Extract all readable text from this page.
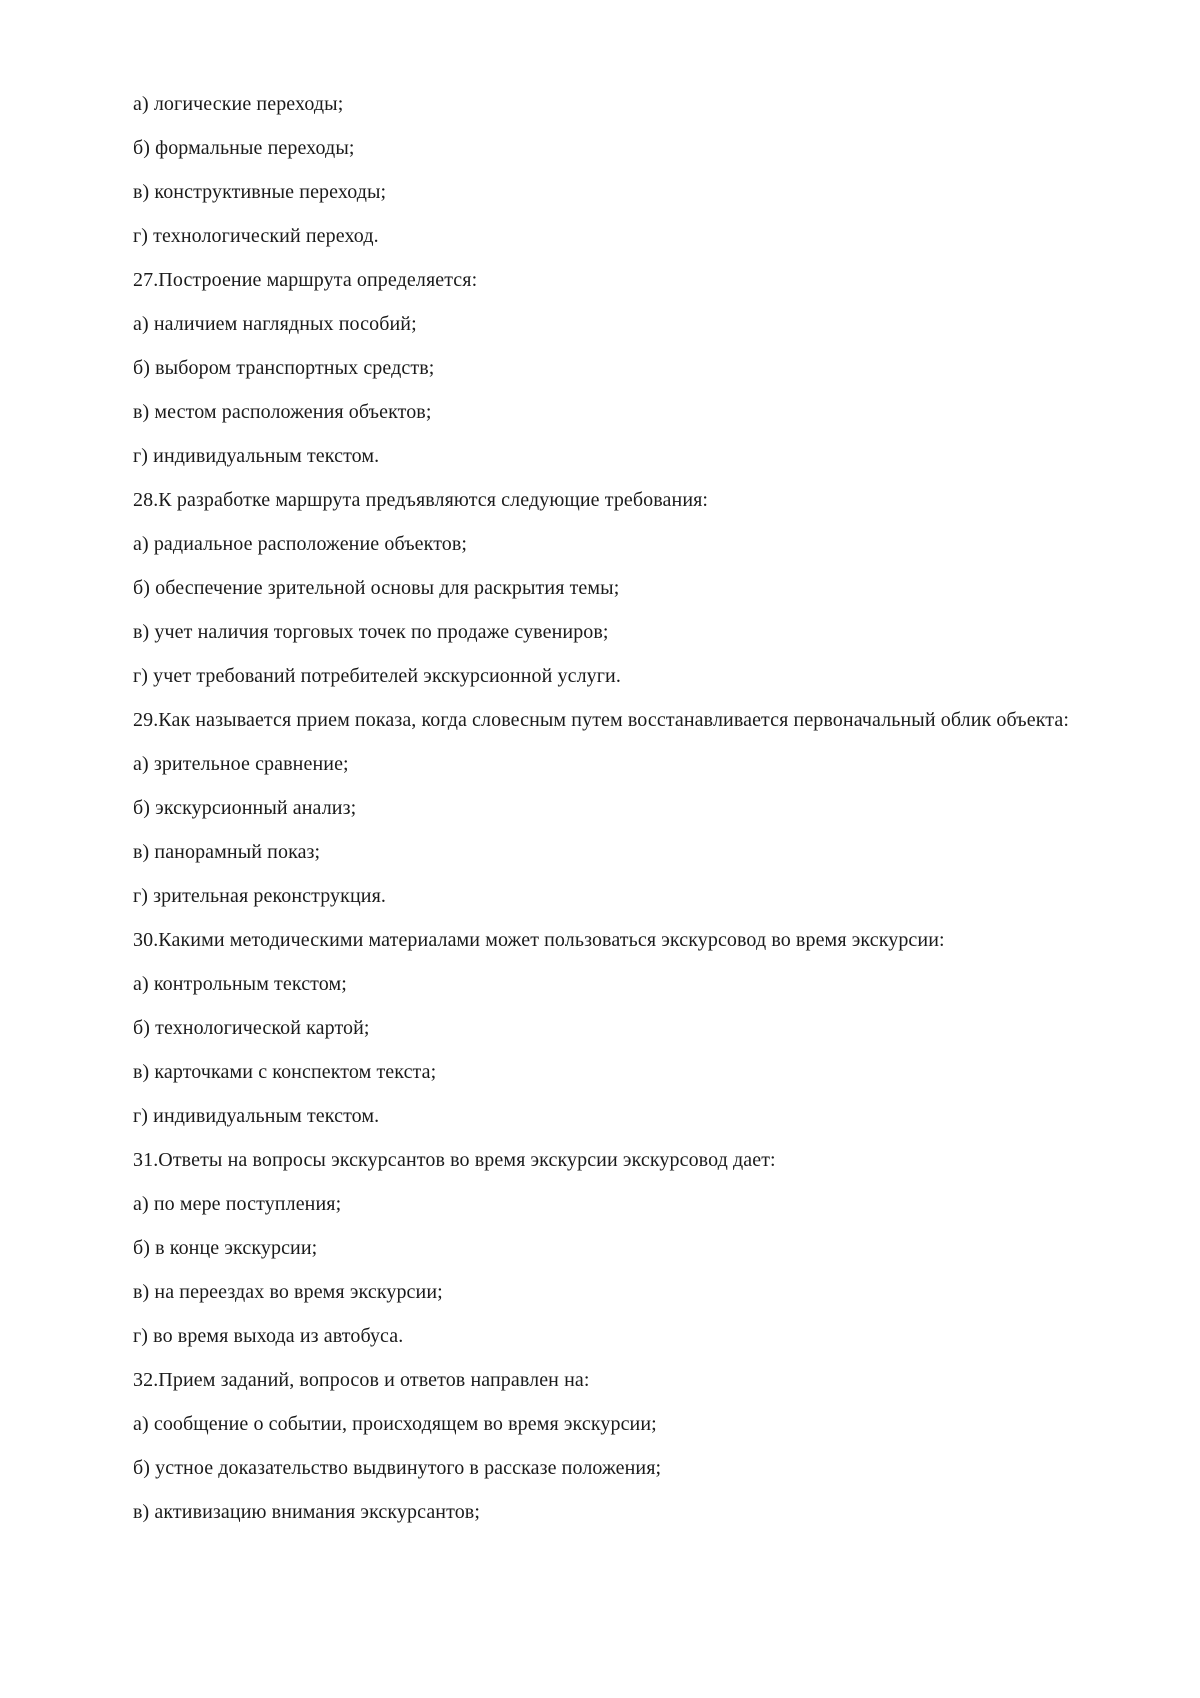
а) логические переходы;
б) формальные переходы;
в) конструктивные переходы;
г) технологический переход.
27.Построение маршрута определяется:
а) наличием наглядных пособий;
б) выбором транспортных средств;
в) местом расположения объектов;
г) индивидуальным текстом.
28.К разработке маршрута предъявляются следующие требования:
а) радиальное расположение объектов;
б) обеспечение зрительной основы для раскрытия темы;
в) учет наличия торговых точек по продаже сувениров;
г) учет требований потребителей экскурсионной услуги.
29.Как называется прием показа, когда словесным путем восстанавливается первоначальный облик объекта:
а) зрительное сравнение;
б) экскурсионный анализ;
в) панорамный показ;
г) зрительная реконструкция.
30.Какими методическими материалами может пользоваться экскурсовод во время экскурсии:
а) контрольным текстом;
б) технологической картой;
в) карточками с конспектом текста;
г) индивидуальным текстом.
31.Ответы на вопросы экскурсантов во время экскурсии экскурсовод дает:
а) по мере поступления;
б) в конце экскурсии;
в) на переездах во время экскурсии;
г) во время выхода из автобуса.
32.Прием заданий, вопросов и ответов направлен на:
а) сообщение о событии, происходящем во время экскурсии;
б) устное доказательство выдвинутого в рассказе положения;
в) активизацию внимания экскурсантов;
